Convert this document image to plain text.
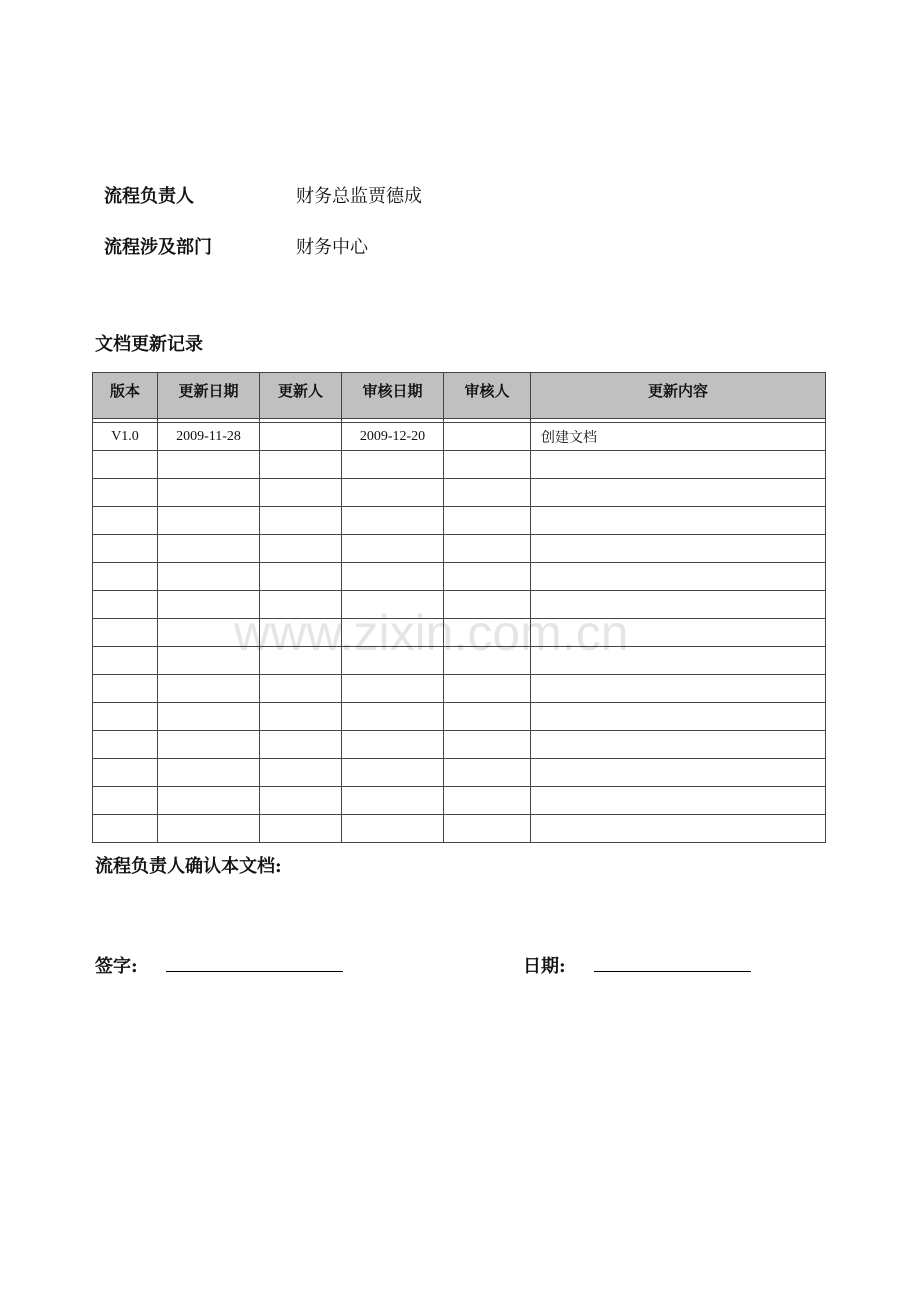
流程负责人	财务总监贾德成
流程涉及部门	财务中心
文档更新记录
版本	更新日期	更新人	审核日期	审核人	更新内容

V1.0	2009-11-28		2009-12-20		创建文档

www.zixin.com.cn
流程负责人确认本文档:
签字:	日期:
